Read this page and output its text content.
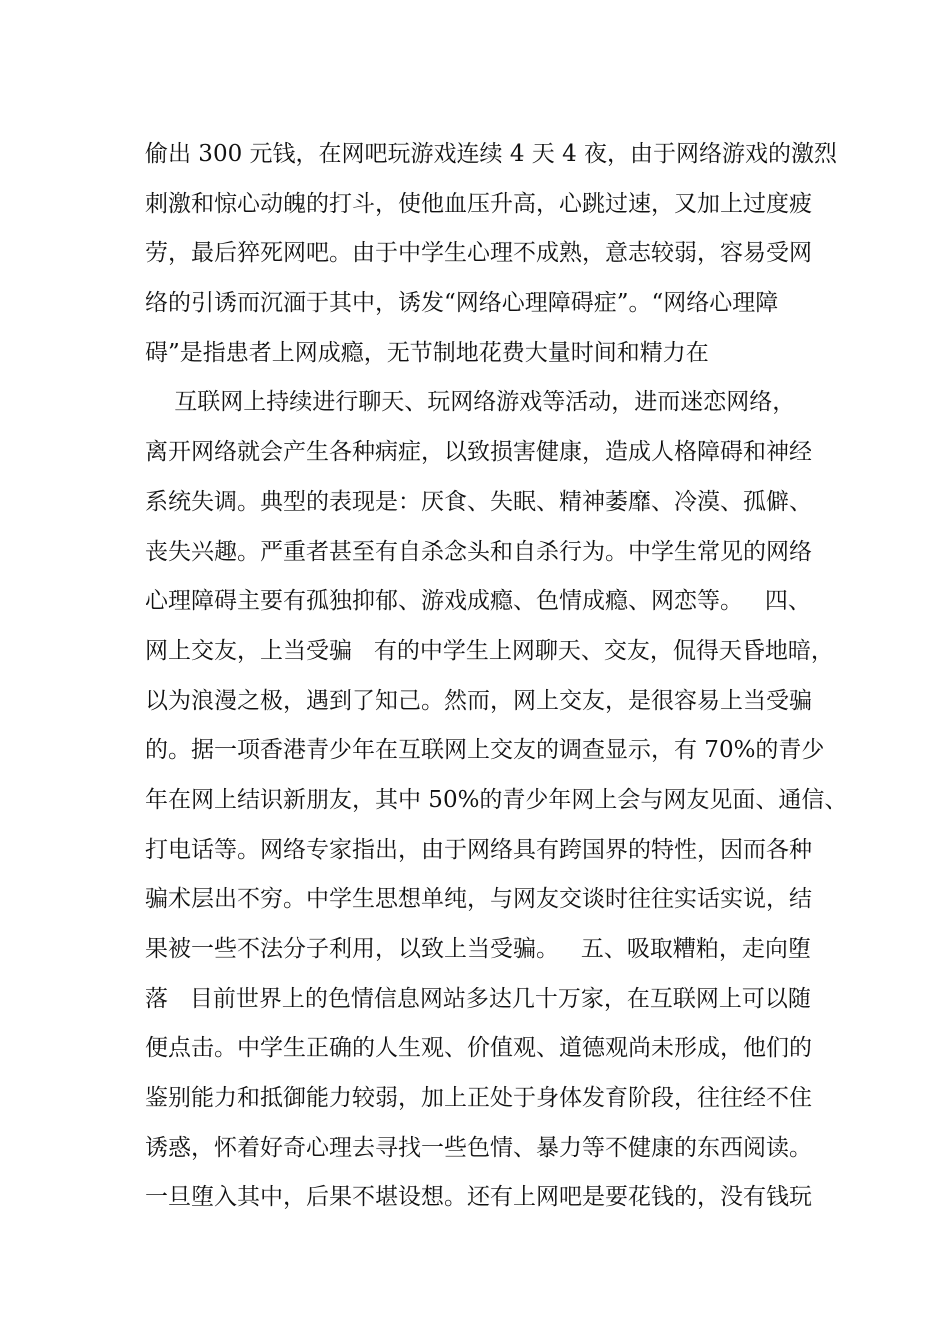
偷出 300 元钱，在网吧玩游戏连续 4 天 4 夜，由于网络游戏的激烈

刺激和惊心动魄的打斗，使他血压升高，心跳过速，又加上过度疲

劳，最后猝死网吧。由于中学生心理不成熟，意志较弱，容易受网

络的引诱而沉湎于其中，诱发“网络心理障碍症”。“网络心理障

碍”是指患者上网成瘾，无节制地花费大量时间和精力在

互联网上持续进行聊天、玩网络游戏等活动，进而迷恋网络，

离开网络就会产生各种病症，以致损害健康，造成人格障碍和神经

系统失调。典型的表现是：厌食、失眠、精神萎靡、冷漠、孤僻、

丧失兴趣。严重者甚至有自杀念头和自杀行为。中学生常见的网络

心理障碍主要有孤独抑郁、游戏成瘾、色情成瘾、网恋等。   四、

网上交友，上当受骗   有的中学生上网聊天、交友，侃得天昏地暗，

以为浪漫之极，遇到了知己。然而，网上交友，是很容易上当受骗

的。据一项香港青少年在互联网上交友的调查显示，有 70%的青少

年在网上结识新朋友，其中 50%的青少年网上会与网友见面、通信、

打电话等。网络专家指出，由于网络具有跨国界的特性，因而各种

骗术层出不穷。中学生思想单纯，与网友交谈时往往实话实说，结

果被一些不法分子利用，以致上当受骗。   五、吸取糟粕，走向堕

落   目前世界上的色情信息网站多达几十万家，在互联网上可以随

便点击。中学生正确的人生观、价值观、道德观尚未形成，他们的

鉴别能力和抵御能力较弱，加上正处于身体发育阶段，往往经不住

诱惑，怀着好奇心理去寻找一些色情、暴力等不健康的东西阅读。

一旦堕入其中，后果不堪设想。还有上网吧是要花钱的，没有钱玩
